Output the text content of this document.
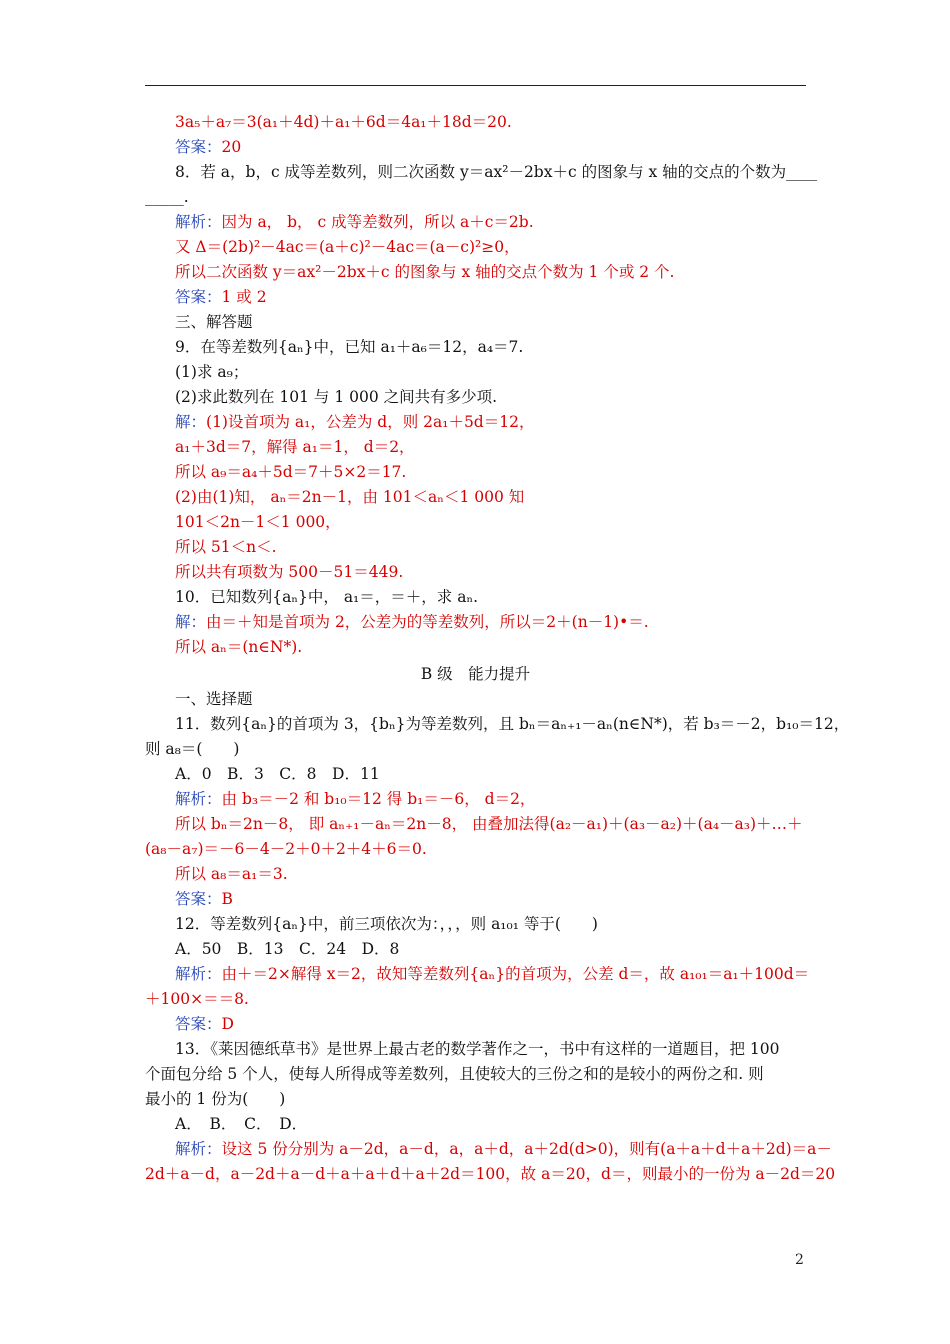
3a₅＋a₇＝3(a₁＋4d)＋a₁＋6d＝4a₁＋18d＝20.
答案：20
8．若 a，b，c 成等差数列，则二次函数 y＝ax²－2bx＋c 的图象与 x 轴的交点的个数为____
_____.
解析：因为 a， b， c 成等差数列，所以 a＋c＝2b.
又 Δ＝(2b)²－4ac＝(a＋c)²－4ac＝(a－c)²≥0，
所以二次函数 y＝ax²－2bx＋c 的图象与 x 轴的交点个数为 1 个或 2 个.
答案：1 或 2
三、解答题
9．在等差数列{aₙ}中，已知 a₁＋a₆＝12，a₄＝7.
(1)求 a₉；
(2)求此数列在 101 与 1 000 之间共有多少项.
解：(1)设首项为 a₁，公差为 d，则 2a₁＋5d＝12，
a₁＋3d＝7，解得 a₁＝1， d＝2，
所以 a₉＝a₄＋5d＝7＋5×2＝17.
(2)由(1)知， aₙ＝2n－1，由 101＜aₙ＜1 000 知
101＜2n－1＜1 000，
所以 51＜n＜.
所以共有项数为 500－51＝449.
10．已知数列{aₙ}中， a₁＝，＝＋，求 aₙ.
解：由＝＋知是首项为 2，公差为的等差数列，所以＝2＋(n－1)•＝.
所以 aₙ＝(n∈N*).
B 级　能力提升
一、选择题
11．数列{aₙ}的首项为 3，{bₙ}为等差数列，且 bₙ＝aₙ₊₁－aₙ(n∈N*)，若 b₃＝－2，b₁₀＝12，
则 a₈＝(　　)
A．0　B．3　C．8　D．11
解析：由 b₃＝－2 和 b₁₀＝12 得 b₁＝－6， d＝2，
所以 bₙ＝2n－8， 即 aₙ₊₁－aₙ＝2n－8， 由叠加法得(a₂－a₁)＋(a₃－a₂)＋(a₄－a₃)＋…＋
(a₈－a₇)＝－6－4－2＋0＋2＋4＋6＝0.
所以 a₈＝a₁＝3.
答案：B
12．等差数列{aₙ}中，前三项依次为：，，，则 a₁₀₁ 等于(　　)
A．50　B．13　C．24　D．8
解析：由＋＝2×解得 x＝2，故知等差数列{aₙ}的首项为，公差 d＝，故 a₁₀₁＝a₁＋100d＝
＋100×＝＝8.
答案：D
13．《莱因德纸草书》是世界上最古老的数学著作之一，书中有这样的一道题目，把 100
个面包分给 5 个人，使每人所得成等差数列，且使较大的三份之和的是较小的两份之和. 则
最小的 1 份为(　　)
A．　B．　C．　D．
解析：设这 5 份分别为 a－2d，a－d，a，a＋d，a＋2d(d>0)，则有(a＋a＋d＋a＋2d)＝a－
2d＋a－d，a－2d＋a－d＋a＋a＋d＋a＋2d＝100，故 a＝20，d＝，则最小的一份为 a－2d＝20
2
